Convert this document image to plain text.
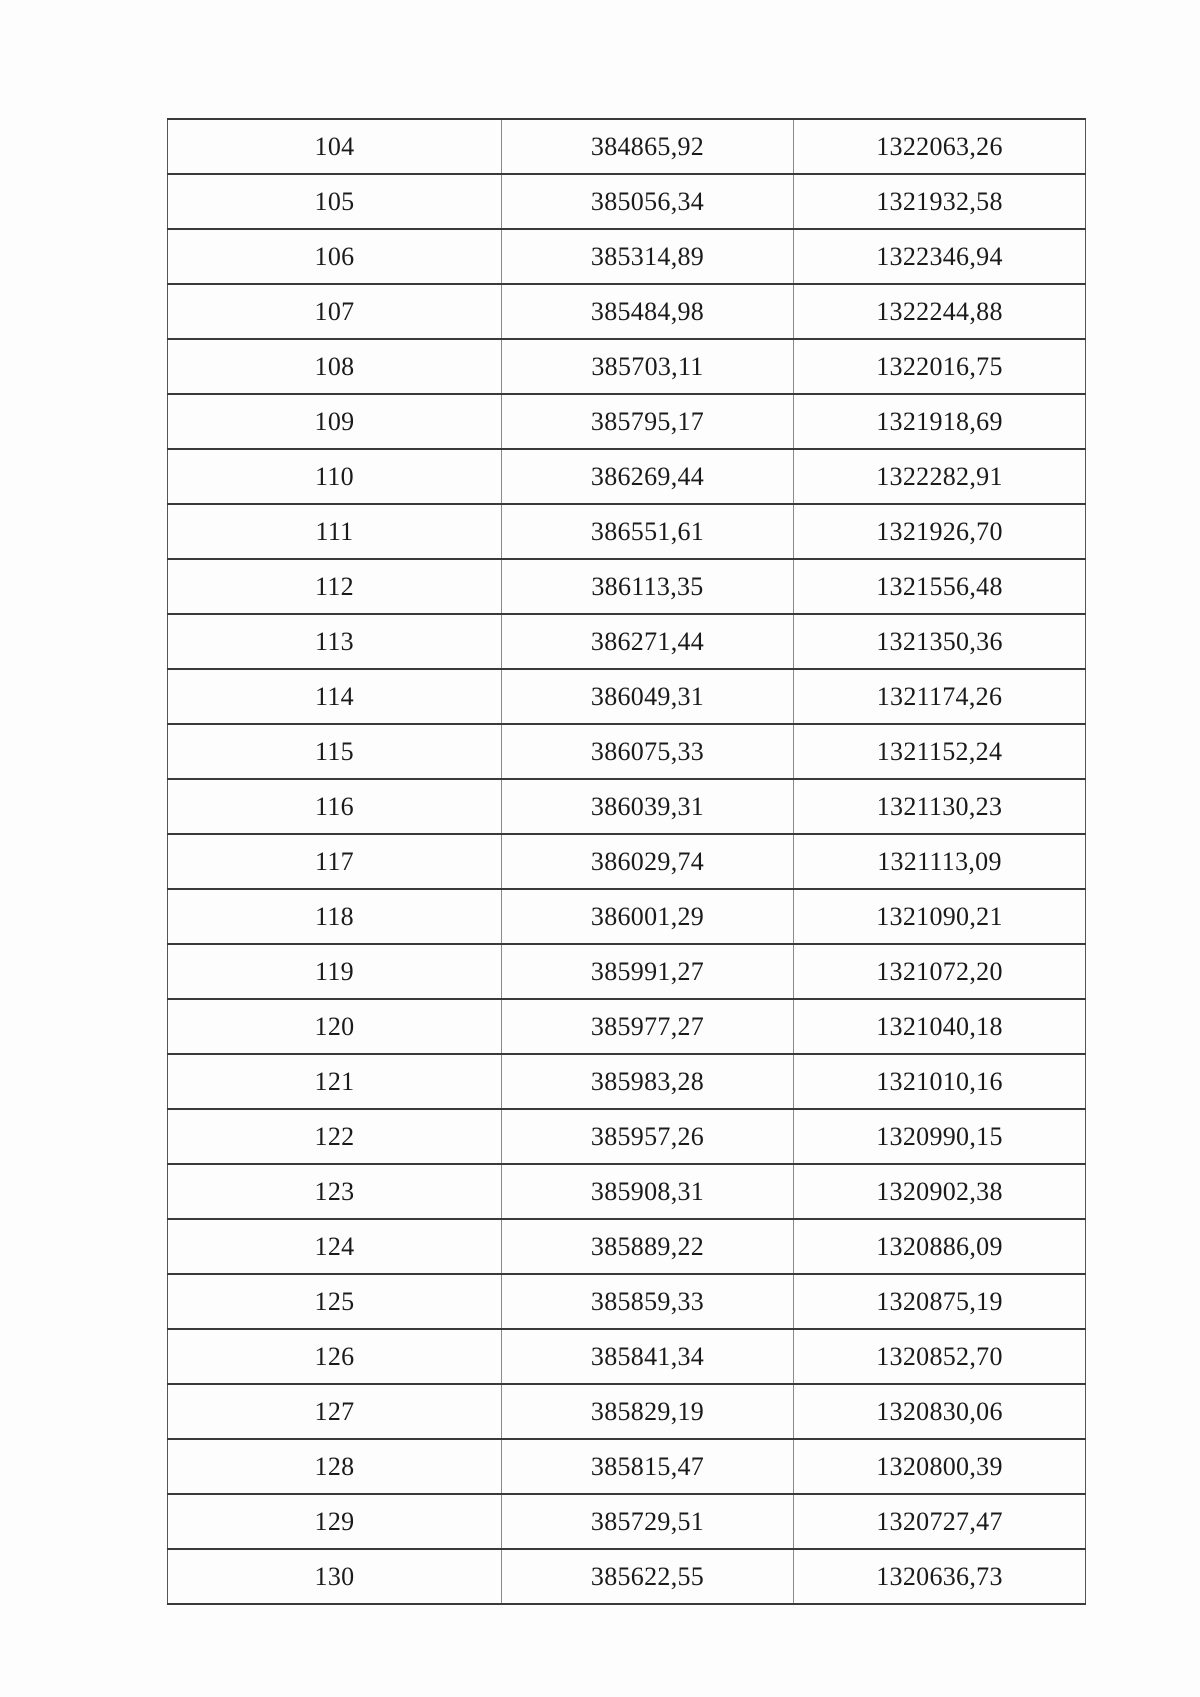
104	384865,92	1322063,26
105	385056,34	1321932,58
106	385314,89	1322346,94
107	385484,98	1322244,88
108	385703,11	1322016,75
109	385795,17	1321918,69
110	386269,44	1322282,91
111	386551,61	1321926,70
112	386113,35	1321556,48
113	386271,44	1321350,36
114	386049,31	1321174,26
115	386075,33	1321152,24
116	386039,31	1321130,23
117	386029,74	1321113,09
118	386001,29	1321090,21
119	385991,27	1321072,20
120	385977,27	1321040,18
121	385983,28	1321010,16
122	385957,26	1320990,15
123	385908,31	1320902,38
124	385889,22	1320886,09
125	385859,33	1320875,19
126	385841,34	1320852,70
127	385829,19	1320830,06
128	385815,47	1320800,39
129	385729,51	1320727,47
130	385622,55	1320636,73
